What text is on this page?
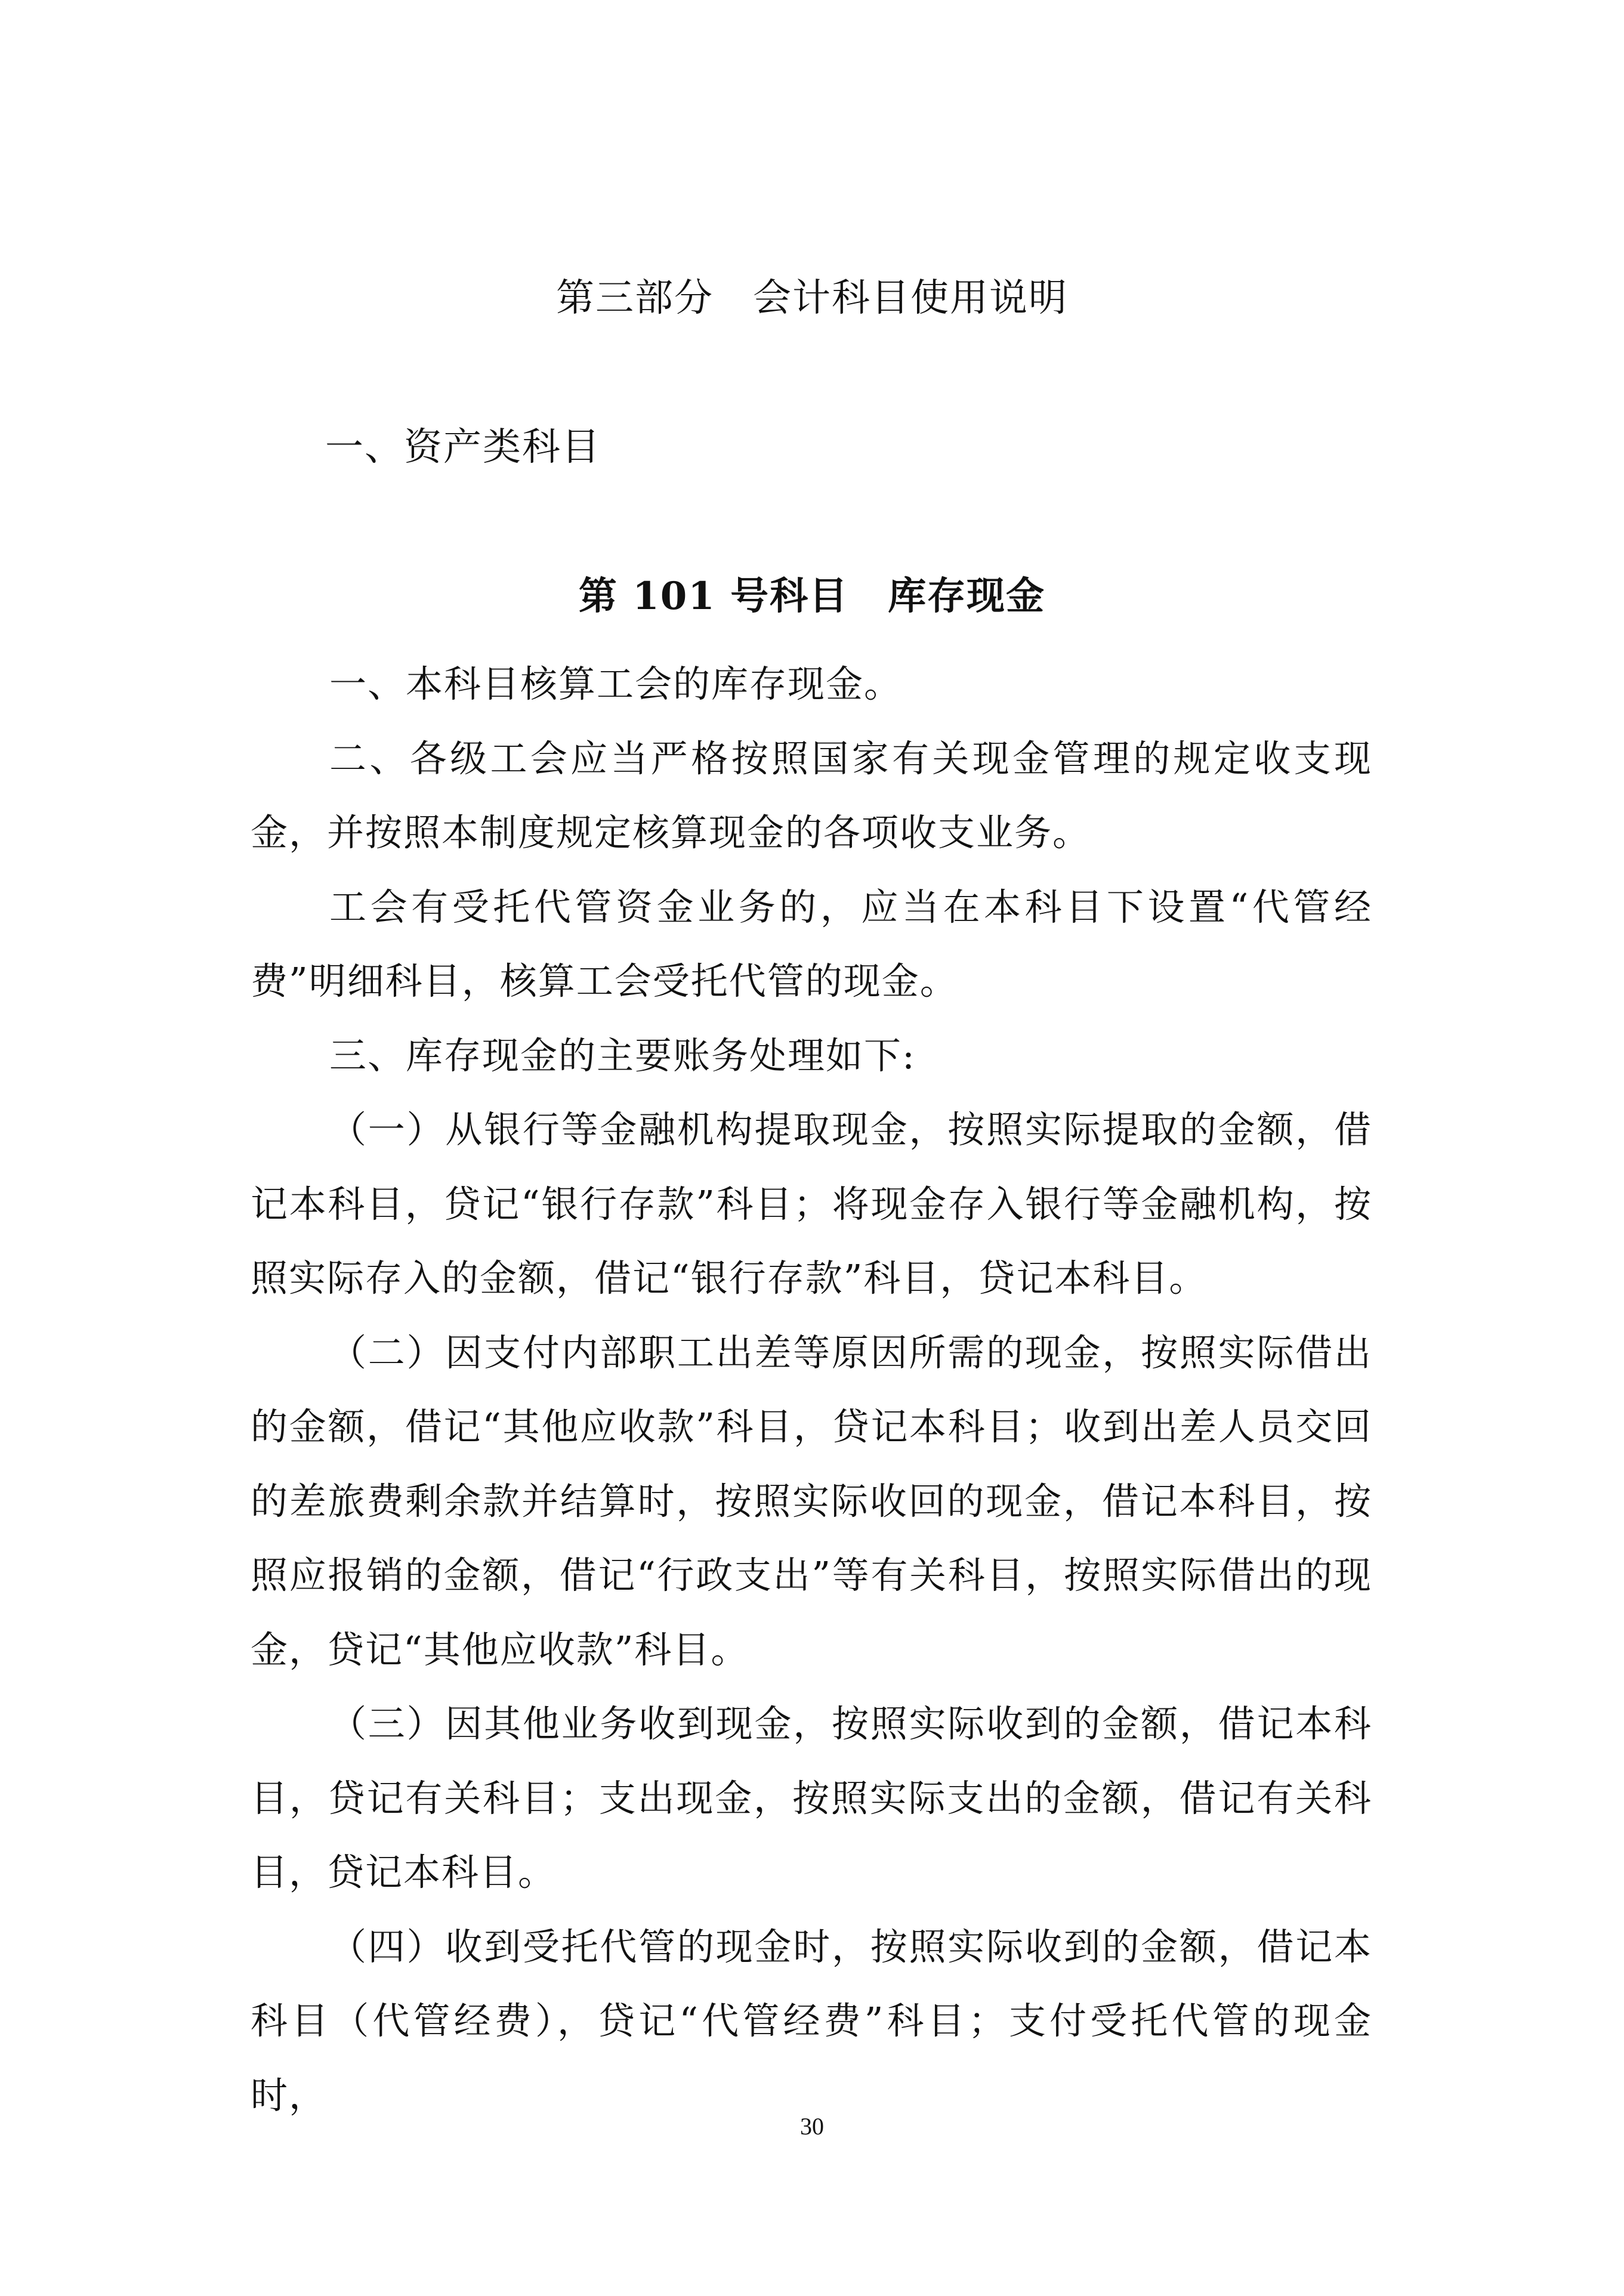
第三部分　会计科目使用说明
一、资产类科目
第 101 号科目　库存现金

一、本科目核算工会的库存现金。

二、各级工会应当严格按照国家有关现金管理的规定收支现金，并按照本制度规定核算现金的各项收支业务。

工会有受托代管资金业务的，应当在本科目下设置“代管经费”明细科目，核算工会受托代管的现金。

三、库存现金的主要账务处理如下:

（一）从银行等金融机构提取现金，按照实际提取的金额，借记本科目，贷记“银行存款”科目；将现金存入银行等金融机构，按照实际存入的金额，借记“银行存款”科目，贷记本科目。

（二）因支付内部职工出差等原因所需的现金，按照实际借出的金额，借记“其他应收款”科目，贷记本科目；收到出差人员交回的差旅费剩余款并结算时，按照实际收回的现金，借记本科目，按照应报销的金额，借记“行政支出”等有关科目，按照实际借出的现金，贷记“其他应收款”科目。

（三）因其他业务收到现金，按照实际收到的金额，借记本科目，贷记有关科目；支出现金，按照实际支出的金额，借记有关科目，贷记本科目。

（四）收到受托代管的现金时，按照实际收到的金额，借记本科目（代管经费），贷记“代管经费”科目；支付受托代管的现金时，

30
